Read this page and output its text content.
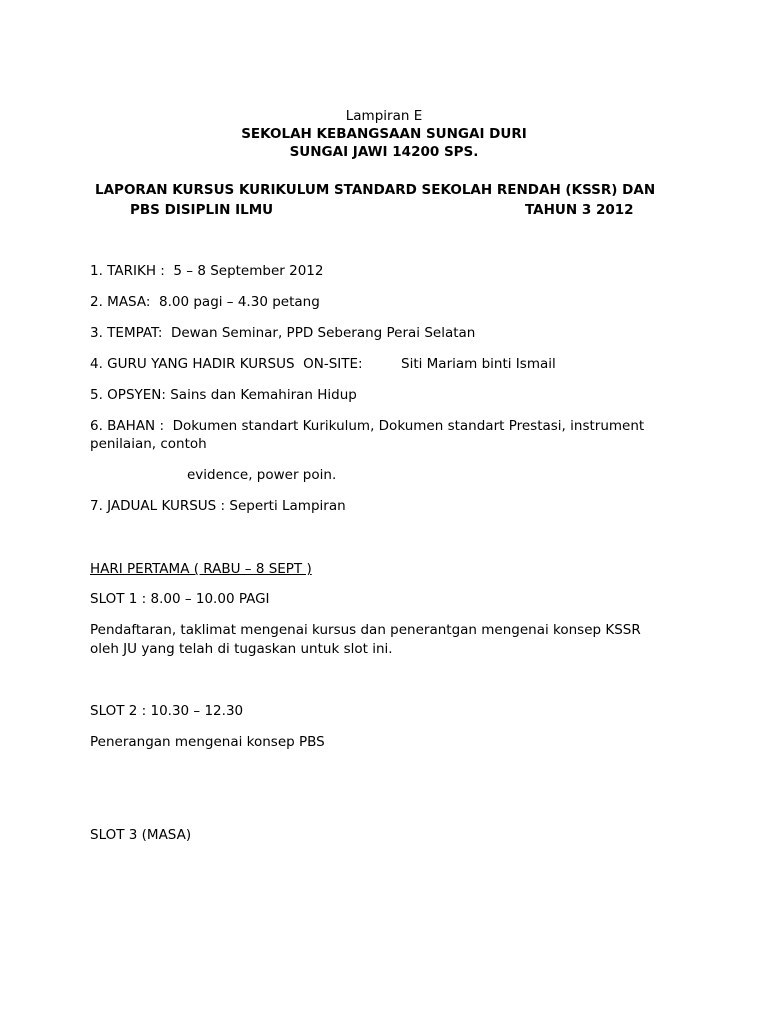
Lampiran E

SEKOLAH KEBANGSAAN SUNGAI DURI

SUNGAI JAWI 14200 SPS.

LAPORAN KURSUS KURIKULUM STANDARD SEKOLAH RENDAH (KSSR) DAN

PBS DISIPLIN ILMU	TAHUN 3 2012

1. TARIKH :  5 – 8 September 2012

2. MASA:  8.00 pagi – 4.30 petang

3. TEMPAT:  Dewan Seminar, PPD Seberang Perai Selatan

4. GURU YANG HADIR KURSUS  ON-SITE:	Siti Mariam binti Ismail

5. OPSYEN: Sains dan Kemahiran Hidup

6. BAHAN :  Dokumen standart Kurikulum, Dokumen standart Prestasi, instrument

penilaian, contoh

evidence, power poin.

7. JADUAL KURSUS : Seperti Lampiran

HARI PERTAMA ( RABU – 8 SEPT )

SLOT 1 : 8.00 – 10.00 PAGI

Pendaftaran, taklimat mengenai kursus dan penerantgan mengenai konsep KSSR

oleh JU yang telah di tugaskan untuk slot ini.

SLOT 2 : 10.30 – 12.30

Penerangan mengenai konsep PBS

SLOT 3 (MASA)
